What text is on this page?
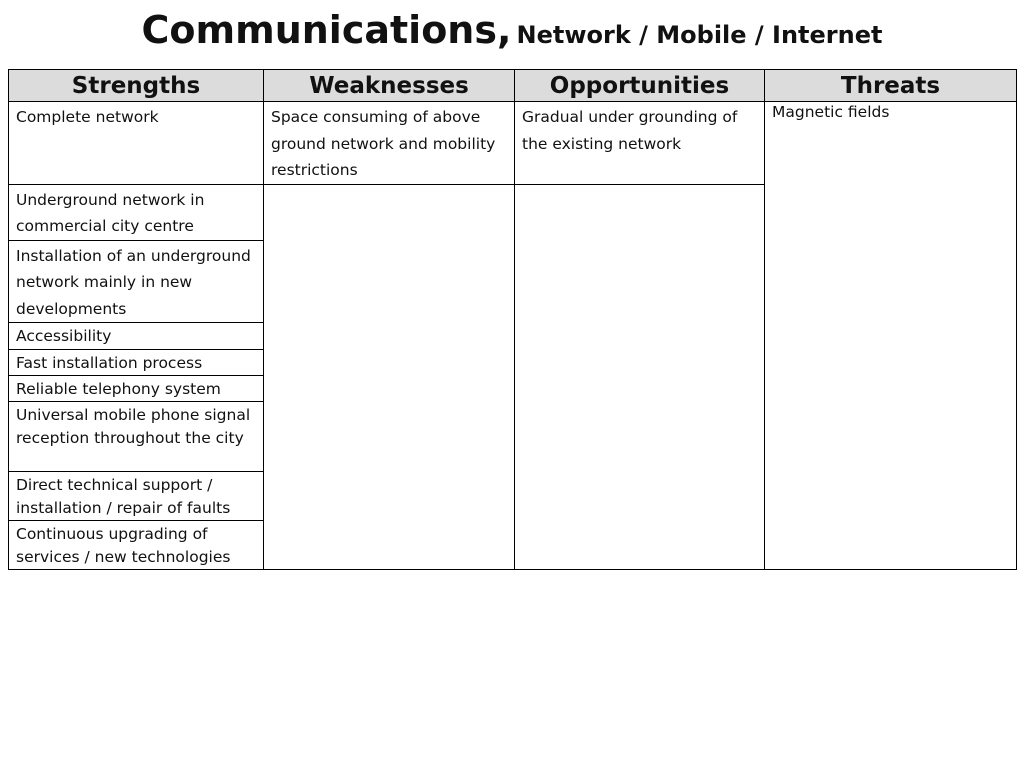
Communications, Network / Mobile / Internet
Strengths	Weaknesses	Opportunities	Threats
Complete network	Space consuming of above ground network and mobility restrictions	Gradual under grounding of the existing network	Magnetic fields
Underground network in commercial city centre			
Installation of an underground network mainly in new developments			
Accessibility			
Fast installation process			
Reliable telephony system			
Universal mobile phone signal reception throughout the city			
Direct technical support / installation / repair of faults			
Continuous upgrading of services / new technologies			
